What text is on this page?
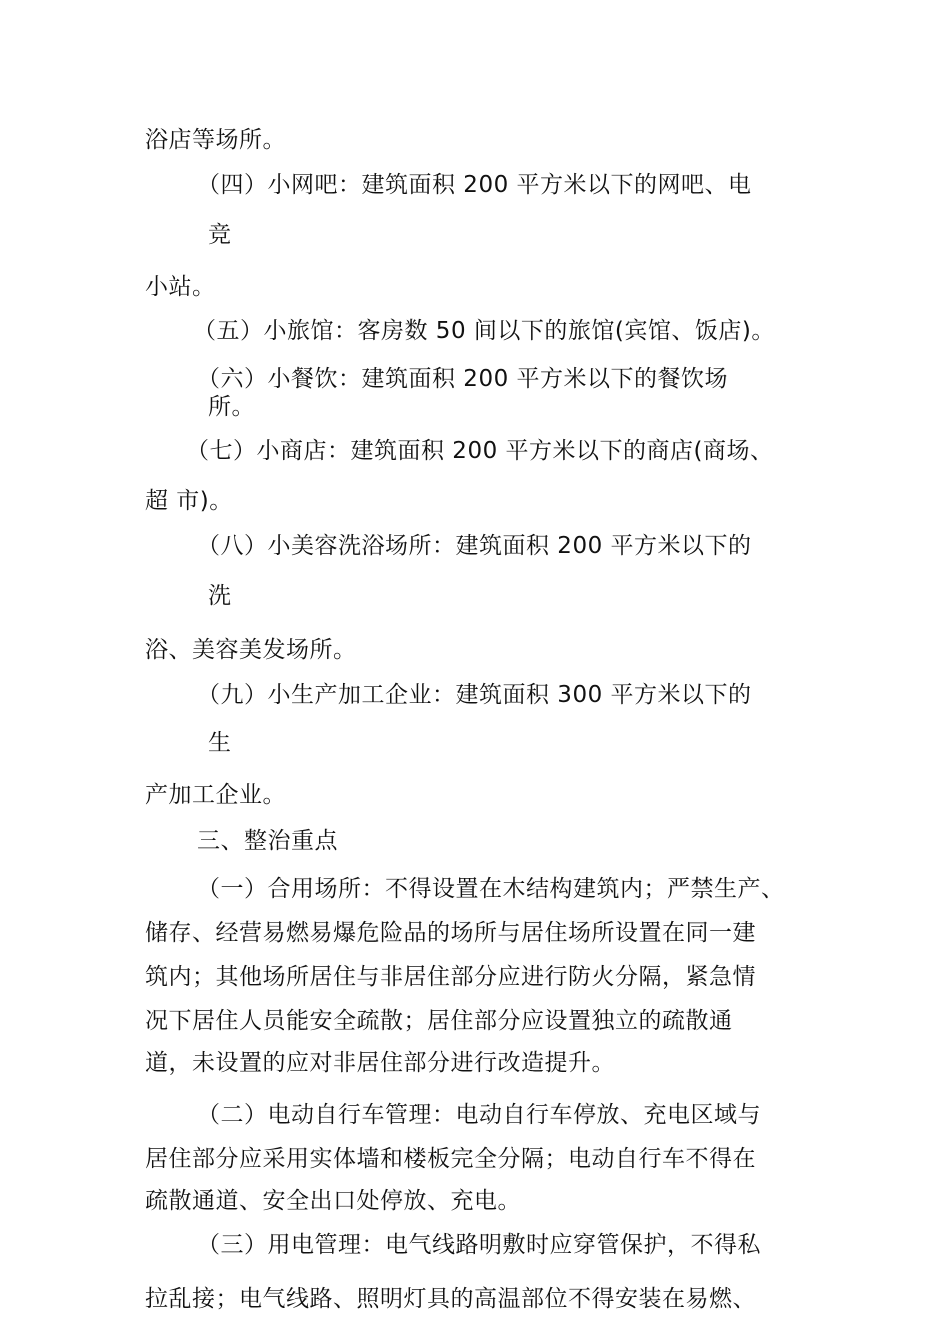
浴店等场所。
（四）小网吧：建筑面积 200 平方米以下的网吧、电
竞
小站。
（五）小旅馆：客房数 50 间以下的旅馆(宾馆、饭店)。
（六）小餐饮：建筑面积 200 平方米以下的餐饮场
所。
（七）小商店：建筑面积 200 平方米以下的商店(商场、
超 市)。
（八）小美容洗浴场所：建筑面积 200 平方米以下的
洗
浴、美容美发场所。
（九）小生产加工企业：建筑面积 300 平方米以下的
生
产加工企业。
三、整治重点
（一）合用场所：不得设置在木结构建筑内；严禁生产、
储存、经营易燃易爆危险品的场所与居住场所设置在同一建
筑内；其他场所居住与非居住部分应进行防火分隔，紧急情
况下居住人员能安全疏散；居住部分应设置独立的疏散通
道，未设置的应对非居住部分进行改造提升。
（二）电动自行车管理：电动自行车停放、充电区域与
居住部分应采用实体墙和楼板完全分隔；电动自行车不得在
疏散通道、安全出口处停放、充电。
（三）用电管理：电气线路明敷时应穿管保护，不得私
拉乱接；电气线路、照明灯具的高温部位不得安装在易燃、
